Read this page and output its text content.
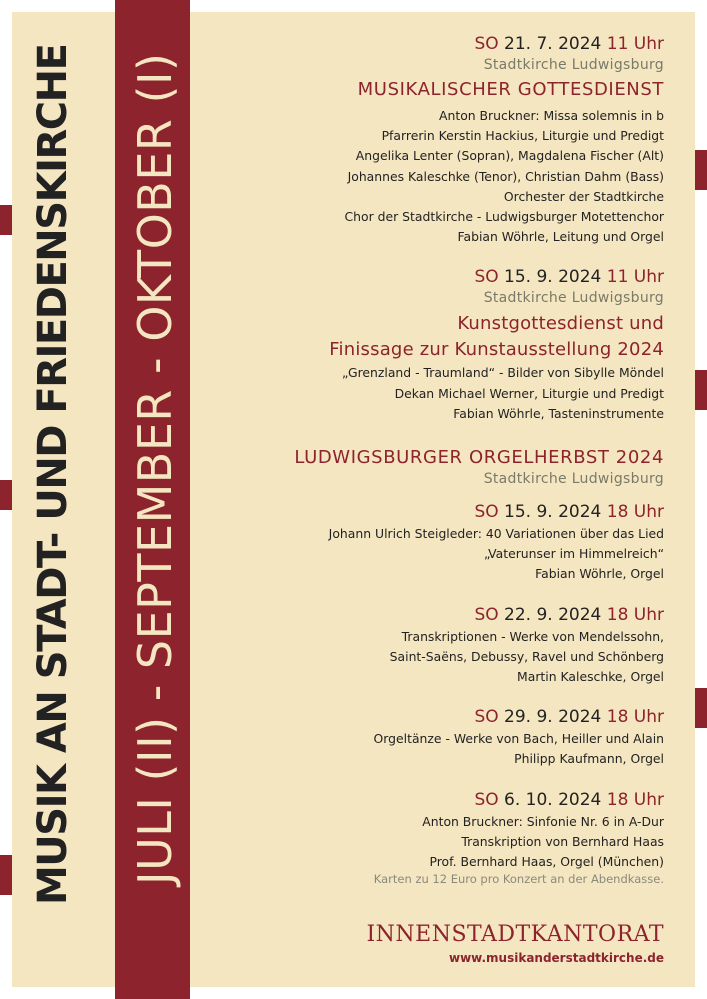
MUSIK AN STADT- UND FRIEDENSKIRCHE JULI (II) - SEPTEMBER - OKTOBER (I)
SO 21. 7. 2024 11 Uhr
Stadtkirche Ludwigsburg
MUSIKALISCHER GOTTESDIENST
Anton Bruckner: Missa solemnis in b
Pfarrerin Kerstin Hackius, Liturgie und Predigt
Angelika Lenter (Sopran), Magdalena Fischer (Alt)
Johannes Kaleschke (Tenor), Christian Dahm (Bass)
Orchester der Stadtkirche
Chor der Stadtkirche - Ludwigsburger Motettenchor
Fabian Wöhrle, Leitung und Orgel
SO 15. 9. 2024 11 Uhr
Stadtkirche Ludwigsburg
Kunstgottesdienst und
Finissage zur Kunstausstellung 2024
„Grenzland - Traumland“ - Bilder von Sibylle Möndel
Dekan Michael Werner, Liturgie und Predigt
Fabian Wöhrle, Tasteninstrumente
LUDWIGSBURGER ORGELHERBST 2024
Stadtkirche Ludwigsburg
SO 15. 9. 2024 18 Uhr
Johann Ulrich Steigleder: 40 Variationen über das Lied
„Vaterunser im Himmelreich“
Fabian Wöhrle, Orgel
SO 22. 9. 2024 18 Uhr
Transkriptionen - Werke von Mendelssohn,
Saint-Saëns, Debussy, Ravel und Schönberg
Martin Kaleschke, Orgel
SO 29. 9. 2024 18 Uhr
Orgeltänze - Werke von Bach, Heiller und Alain
Philipp Kaufmann, Orgel
SO 6. 10. 2024 18 Uhr
Anton Bruckner: Sinfonie Nr. 6 in A-Dur
Transkription von Bernhard Haas
Prof. Bernhard Haas, Orgel (München)
Karten zu 12 Euro pro Konzert an der Abendkasse.
INNENSTADTKANTORAT
www.musikanderstadtkirche.de
